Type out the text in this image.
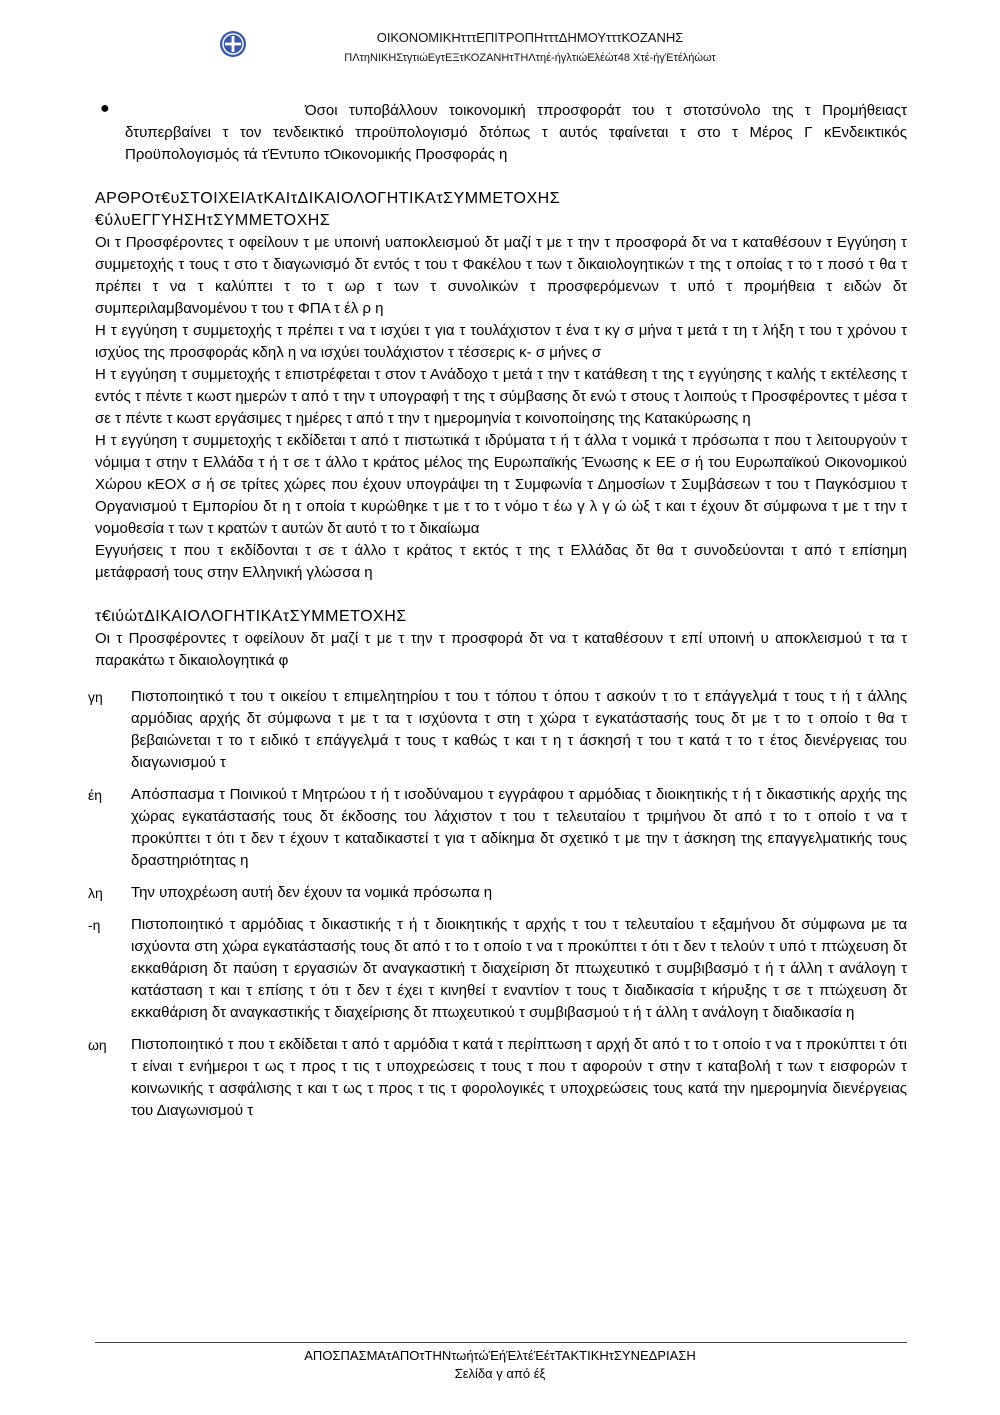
ΟΙΚΟΝΟΜΙΚΗτττΕΠΙΤΡΟΠΗτττΔΗΜΟΥτττΚΟΖΑΝΗΣ
ΠΛτηΝΙΚΗΣτγτιώΕγτΕΞτΚΟΖΑΝΗτΤΗΛτηέ-ήγλτιώΕλέώτ48 Χτέ-ήγΈτέλήώωτ
●	Όσοι τυποβάλλουν τοικονομική τπροσφοράτ του τ στοτσύνολο της τ Προμήθειαςτ δτυπερβαίνει τ τον τενδεικτικό τπροϋπολογισμό δτόπως τ αυτός τφαίνεται τ στο τ Μέρος Γ κΕνδεικτικός Προϋπολογισμός τά τΈντυπο τΟικονομικής Προσφοράς η

ΑΡΘΡΟτ€υΣΤΟΙΧΕΙΑτΚΑΙτΔΙΚΑΙΟΛΟΓΗΤΙΚΑτΣΥΜΜΕΤΟΧΗΣ

€ύλυΕΓΓΥΗΣΗτΣΥΜΜΕΤΟΧΗΣ

Οι τ Προσφέροντες τ οφείλουν τ με υποινή υαποκλεισμού δτ μαζί τ με τ την τ προσφορά δτ να τ καταθέσουν τ Εγγύηση τ συμμετοχής τ τους τ στο τ διαγωνισμό δτ εντός τ του τ Φακέλου τ των τ δικαιολογητικών τ της τ οποίας τ το τ ποσό τ θα τ πρέπει τ να τ καλύπτει τ το τ ωρ τ των τ συνολικών τ προσφερόμενων τ υπό τ προμήθεια τ ειδών δτ συμπεριλαμβανομένου τ του τ ΦΠΑ τ έλ ρ η

Η τ εγγύηση τ συμμετοχής τ πρέπει τ να τ ισχύει τ για τ τουλάχιστον τ ένα τ κγ σ μήνα τ μετά τ τη τ λήξη τ του τ χρόνου τ ισχύος της προσφοράς κδηλ η να ισχύει τουλάχιστον τ τέσσερις κ- σ μήνες σ

Η τ εγγύηση τ συμμετοχής τ επιστρέφεται τ στον τ Ανάδοχο τ μετά τ την τ κατάθεση τ της τ εγγύησης τ καλής τ εκτέλεσης τ εντός τ πέντε τ κωστ ημερών τ από τ την τ υπογραφή τ της τ σύμβασης δτ ενώ τ στους τ λοιπούς τ Προσφέροντες τ μέσα τ σε τ πέντε τ κωστ εργάσιμες τ ημέρες τ από τ την τ ημερομηνία τ κοινοποίησης της Κατακύρωσης η

Η τ εγγύηση τ συμμετοχής τ εκδίδεται τ από τ πιστωτικά τ ιδρύματα τ ή τ άλλα τ νομικά τ πρόσωπα τ που τ λειτουργούν τ νόμιμα τ στην τ Ελλάδα τ ή τ σε τ άλλο τ κράτος μέλος της Ευρωπαϊκής Ένωσης κ ΕΕ σ ή του Ευρωπαϊκού Οικονομικού Χώρου κΕΟΧ σ ή σε τρίτες χώρες που έχουν υπογράψει τη τ Συμφωνία τ Δημοσίων τ Συμβάσεων τ του τ Παγκόσμιου τ Οργανισμού τ Εμπορίου δτ η τ οποία τ κυρώθηκε τ με τ το τ νόμο τ έω γ λ γ ώ ώξ τ και τ έχουν δτ σύμφωνα τ με τ την τ νομοθεσία τ των τ κρατών τ αυτών δτ αυτό τ το τ δικαίωμα

Εγγυήσεις τ που τ εκδίδονται τ σε τ άλλο τ κράτος τ εκτός τ της τ Ελλάδας δτ θα τ συνοδεύονται τ από τ επίσημη μετάφρασή τους στην Ελληνική γλώσσα η

τ€ιύώτΔΙΚΑΙΟΛΟΓΗΤΙΚΑτΣΥΜΜΕΤΟΧΗΣ

Οι τ Προσφέροντες τ οφείλουν δτ μαζί τ με τ την τ προσφορά δτ να τ καταθέσουν τ επί υποινή υ αποκλεισμού τ τα τ παρακάτω τ δικαιολογητικά φ

γη	Πιστοποιητικό τ του τ οικείου τ επιμελητηρίου τ του τ τόπου τ όπου τ ασκούν τ το τ επάγγελμά τ τους τ ή τ άλλης αρμόδιας αρχής δτ σύμφωνα τ με τ τα τ ισχύοντα τ στη τ χώρα τ εγκατάστασής τους δτ με τ το τ οποίο τ θα τ βεβαιώνεται τ το τ ειδικό τ επάγγελμά τ τους τ καθώς τ και τ η τ άσκησή τ του τ κατά τ το τ έτος διενέργειας του διαγωνισμού τ

έη	Απόσπασμα τ Ποινικού τ Μητρώου τ ή τ ισοδύναμου τ εγγράφου τ αρμόδιας τ διοικητικής τ ή τ δικαστικής αρχής της χώρας εγκατάστασής τους δτ έκδοσης του λάχιστον τ του τ τελευταίου τ τριμήνου δτ από τ το τ οποίο τ να τ προκύπτει τ ότι τ δεν τ έχουν τ καταδικαστεί τ για τ αδίκημα δτ σχετικό τ με την τ άσκηση της επαγγελματικής τους δραστηριότητας η

λη	Την υποχρέωση αυτή δεν έχουν τα νομικά πρόσωπα η

-η	Πιστοποιητικό τ αρμόδιας τ δικαστικής τ ή τ διοικητικής τ αρχής τ του τ τελευταίου τ εξαμήνου δτ σύμφωνα με τα ισχύοντα στη χώρα εγκατάστασής τους δτ από τ το τ οποίο τ να τ προκύπτει τ ότι τ δεν τ τελούν τ υπό τ πτώχευση δτ εκκαθάριση δτ παύση τ εργασιών δτ αναγκαστική τ διαχείριση δτ πτωχευτικό τ συμβιβασμό τ ή τ άλλη τ ανάλογη τ κατάσταση τ και τ επίσης τ ότι τ δεν τ έχει τ κινηθεί τ εναντίον τ τους τ διαδικασία τ κήρυξης τ σε τ πτώχευση δτ εκκαθάριση δτ αναγκαστικής τ διαχείρισης δτ πτωχευτικού τ συμβιβασμού τ ή τ άλλη τ ανάλογη τ διαδικασία η

ωη	Πιστοποιητικό τ που τ εκδίδεται τ από τ αρμόδια τ κατά τ περίπτωση τ αρχή δτ από τ το τ οποίο τ να τ προκύπτει τ ότι τ είναι τ ενήμεροι τ ως τ προς τ τις τ υποχρεώσεις τ τους τ που τ αφορούν τ στην τ καταβολή τ των τ εισφορών τ κοινωνικής τ ασφάλισης τ και τ ως τ προς τ τις τ φορολογικές τ υποχρεώσεις τους κατά την ημερομηνία διενέργειας του Διαγωνισμού τ

ΑΠΟΣΠΑΣΜΑτΑΠΟτΤΗΝτωήτώΈήΈλτέΈέτΤΑΚΤΙΚΗτΣΥΝΕΔΡΙΑΣΗ
Σελίδα γ από έξ
